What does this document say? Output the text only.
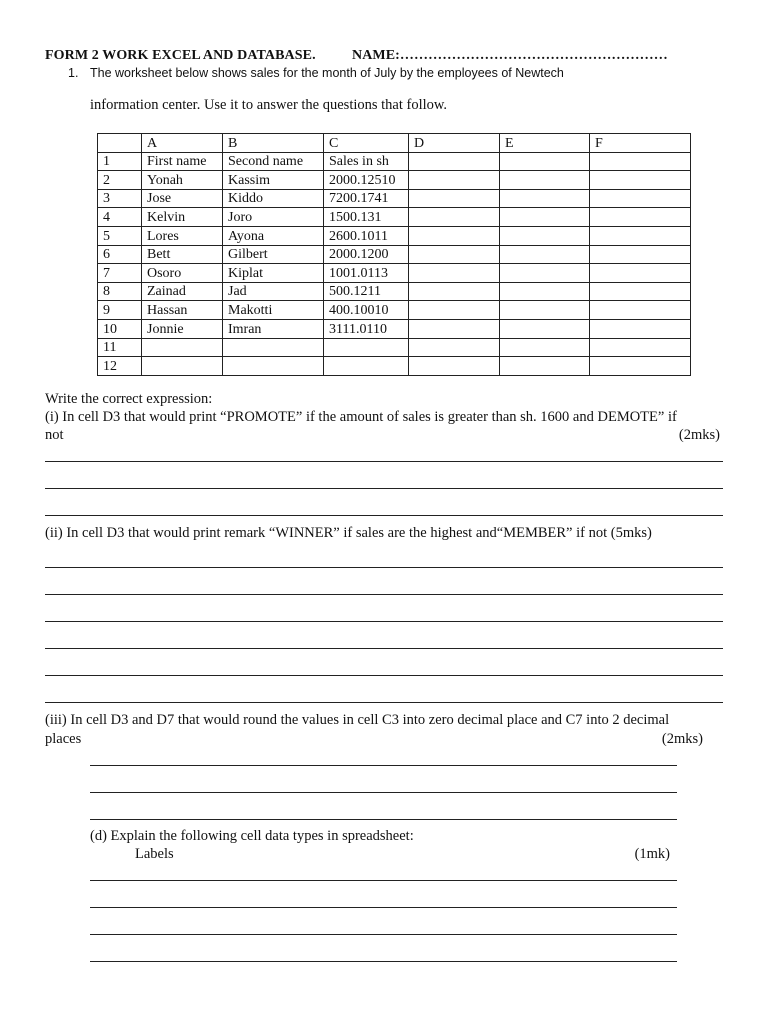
FORM 2 WORK EXCEL AND DATABASE.	NAME:…………………………………………………
1. The worksheet below shows sales for the month of July by the employees of Newtech
information center. Use it to answer the questions that follow.
	A	B	C	D	E	F
1	First name	Second name	Sales in sh			
2	Yonah	Kassim	2000.12510			
3	Jose	Kiddo	7200.1741			
4	Kelvin	Joro	1500.131			
5	Lores	Ayona	2600.1011			
6	Bett	Gilbert	2000.1200			
7	Osoro	Kiplat	1001.0113			
8	Zainad	Jad	500.1211			
9	Hassan	Makotti	400.10010			
10	Jonnie	Imran	3111.0110			
11						
12						
Write the correct expression:
(i) In cell D3 that would print “PROMOTE” if the amount of sales is greater than sh. 1600 and DEMOTE” if
not	(2mks)
(ii) In cell D3 that would print remark “WINNER” if sales are the highest and“MEMBER” if not (5mks)
(iii) In cell D3 and D7 that would round the values in cell C3 into zero decimal place and C7 into 2 decimal
places	(2mks)
(d) Explain the following cell data types in spreadsheet:
Labels	(1mk)
